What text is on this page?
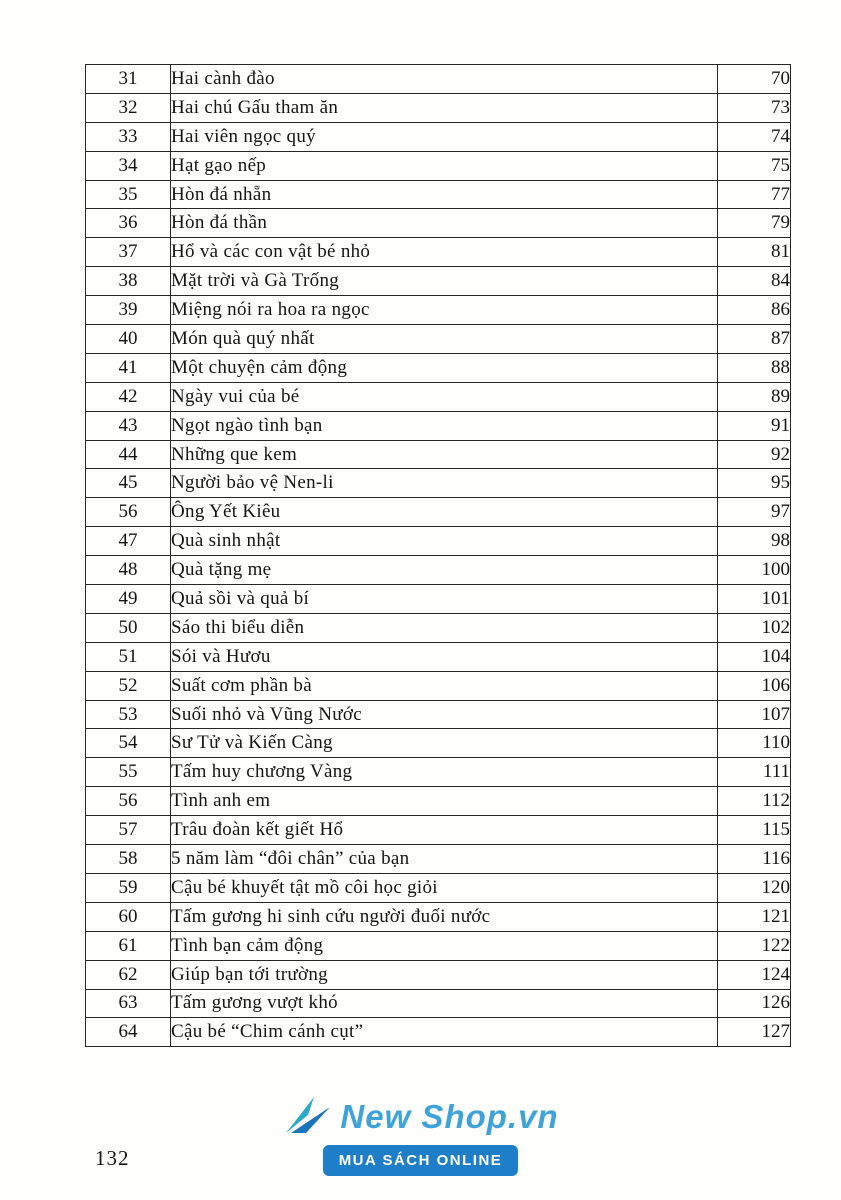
31	Hai cành đào	70
32	Hai chú Gấu tham ăn	73
33	Hai viên ngọc quý	74
34	Hạt gạo nếp	75
35	Hòn đá nhẵn	77
36	Hòn đá thần	79
37	Hổ và các con vật bé nhỏ	81
38	Mặt trời và Gà Trống	84
39	Miệng nói ra hoa ra ngọc	86
40	Món quà quý nhất	87
41	Một chuyện cảm động	88
42	Ngày vui của bé	89
43	Ngọt ngào tình bạn	91
44	Những que kem	92
45	Người bảo vệ Nen-li	95
56	Ông Yết Kiêu	97
47	Quà sinh nhật	98
48	Quà tặng mẹ	100
49	Quả sồi và quả bí	101
50	Sáo thi biểu diễn	102
51	Sói và Hươu	104
52	Suất cơm phần bà	106
53	Suối nhỏ và Vũng Nước	107
54	Sư Tử và Kiến Càng	110
55	Tấm huy chương Vàng	111
56	Tình anh em	112
57	Trâu đoàn kết giết Hổ	115
58	5 năm làm “đôi chân” của bạn	116
59	Cậu bé khuyết tật mồ côi học giỏi	120
60	Tấm gương hi sinh cứu người đuối nước	121
61	Tình bạn cảm động	122
62	Giúp bạn tới trường	124
63	Tấm gương vượt khó	126
64	Cậu bé “Chim cánh cụt”	127
New Shop.vn
MUA SÁCH ONLINE
132
